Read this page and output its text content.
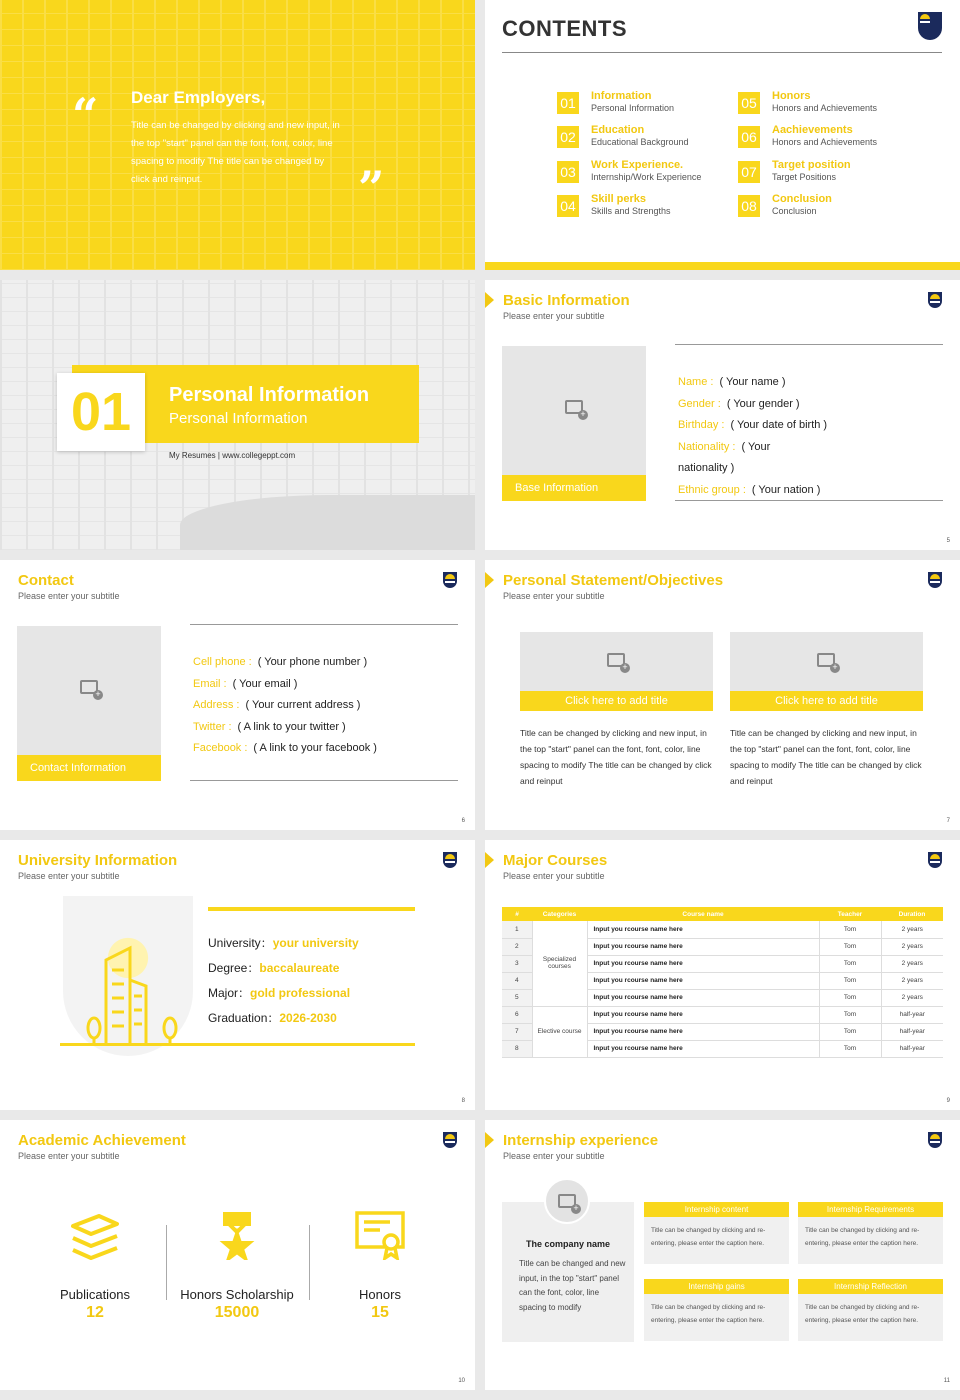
“ Dear Employers,
Title can be changed by clicking and new input, in the top "start" panel can the font, font, color, line spacing to modify The title can be changed by click and reinput.	”
CONTENTS
01 Information
Personal Information
02 Education
Educational Background
03 Work Experience.
Internship/Work Experience
04 Skill perks
Skills and Strengths
05 Honors
Honors and Achievements
06 Aachievements
Honors and Achievements
07 Target position
Target Positions
08 Conclusion
Conclusion
01	Personal Information
Personal Information
My Resumes | www.collegeppt.com
Basic Information
Please enter your subtitle
+
Base Information
Name : ( Your name )
Gender : ( Your gender )
Birthday : ( Your date of birth )
Nationality : ( Your
nationality )
Ethnic group : ( Your nation )
5
Contact
Please enter your subtitle
+
Contact Information
Cell phone : ( Your phone number )
Email : ( Your email )
Address : ( Your current address )
Twitter : ( A link to your twitter )
Facebook : ( A link to your facebook )
6
Personal Statement/Objectives
Please enter your subtitle
+
Click here to add title
Title can be changed by clicking and new input, in the top "start" panel can the font, font, color, line spacing to modify The title can be changed by click and reinput
+
Click here to add title
Title can be changed by clicking and new input, in the top "start" panel can the font, font, color, line spacing to modify The title can be changed by click and reinput
7
University Information
Please enter your subtitle
University：your university
Degree：baccalaureate
Major：gold professional
Graduation：2026-2030
8
Major Courses
Please enter your subtitle
#	Categories	Course name	Teacher	Duration
1	Specialized courses	Input you rcourse name here	Tom	2 years
2		Input you rcourse name here	Tom	2 years
3		Input you rcourse name here	Tom	2 years
4		Input you rcourse name here	Tom	2 years
5		Input you rcourse name here	Tom	2 years
6	Elective course	Input you rcourse name here	Tom	half-year
7		Input you rcourse name here	Tom	half-year
8		Input you rcourse name here	Tom	half-year
9
Academic Achievement
Please enter your subtitle
Publications
12
Honors Scholarship
15000
Honors
15
10
Internship experience
Please enter your subtitle
+
The company name
Title can be changed and new input, in the top "start" panel can the font, color, line spacing to modify
Internship content
Title can be changed by clicking and re-entering, please enter the caption here.
Internship Requirements
Title can be changed by clicking and re-entering, please enter the caption here.
Internship gains
Title can be changed by clicking and re-entering, please enter the caption here.
Internship Reflection
Title can be changed by clicking and re-entering, please enter the caption here.
11
